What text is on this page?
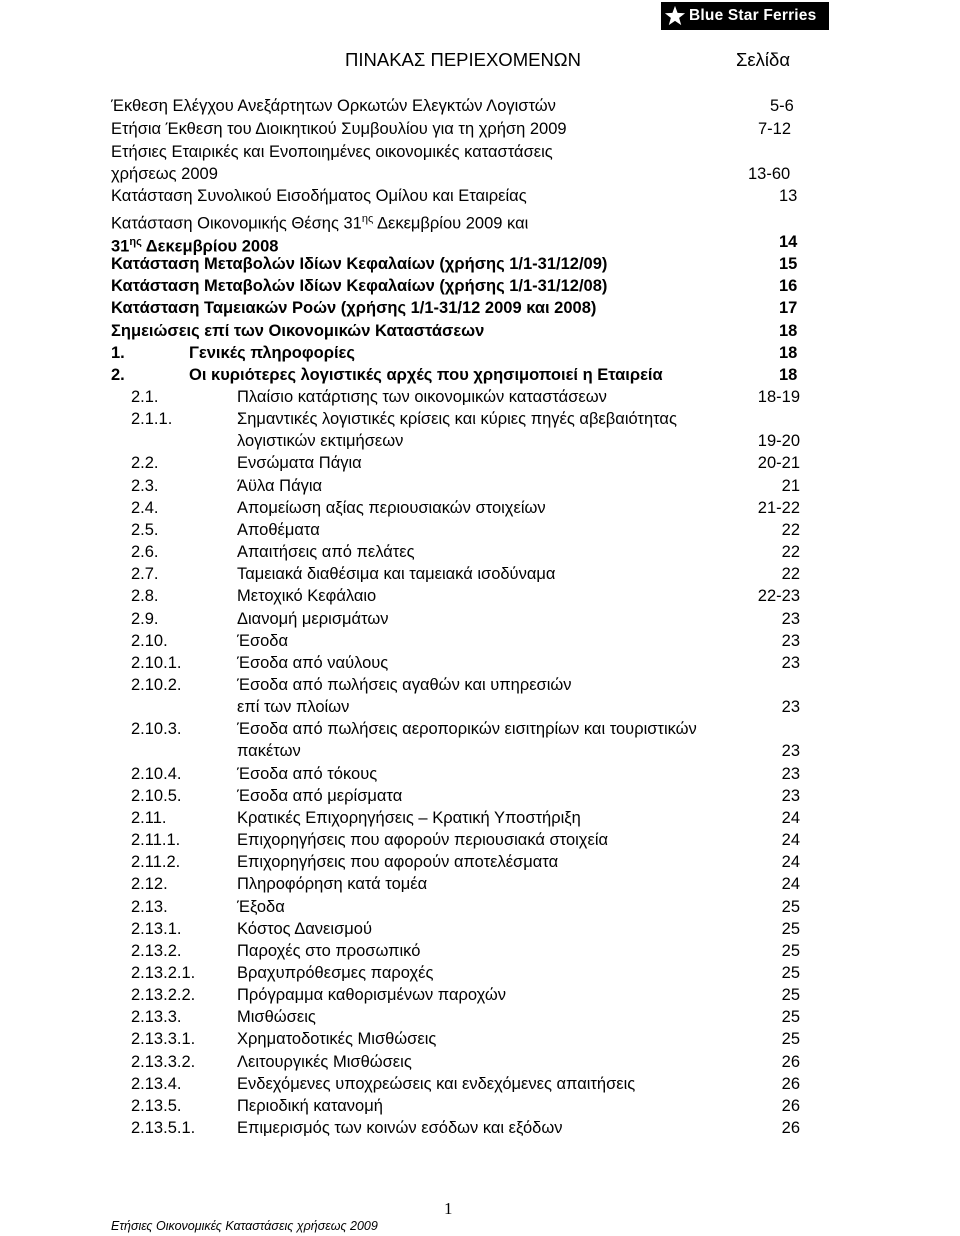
Blue Star Ferries
ΠΙΝΑΚΑΣ ΠΕΡΙΕΧΟΜΕΝΩΝ	Σελίδα
Έκθεση Ελέγχου Ανεξάρτητων Ορκωτών Ελεγκτών Λογιστών	5-6
Ετήσια Έκθεση του Διοικητικού Συμβουλίου για τη χρήση 2009	7-12
Ετήσιες Εταιρικές και Ενοποιημένες οικονομικές καταστάσεις
χρήσεως 2009	13-60
Κατάσταση Συνολικού Εισοδήματος Ομίλου και Εταιρείας	13
Κατάσταση Οικονομικής Θέσης $31^{\eta\varsigma}$ Δεκεμβρίου 2009 και
$31^{\eta\varsigma}$ Δεκεμβρίου 2008	14
Κατάσταση Μεταβολών Ιδίων Κεφαλαίων (χρήσης 1/1-31/12/09)	15
Κατάσταση Μεταβολών Ιδίων Κεφαλαίων (χρήσης 1/1-31/12/08)	16
Κατάσταση Ταμειακών Ροών (χρήσης 1/1-31/12 2009 και 2008)	17
Σημειώσεις επί των Οικονομικών Καταστάσεων	18
1.	Γενικές πληροφορίες	18
2.	Οι κυριότερες λογιστικές αρχές που χρησιμοποιεί η Εταιρεία	18
2.1.	Πλαίσιο κατάρτισης των οικονομικών καταστάσεων	18-19
2.1.1.	Σημαντικές λογιστικές κρίσεις και κύριες πηγές αβεβαιότητας
λογιστικών εκτιμήσεων	19-20
2.2.	Ενσώματα Πάγια	20-21
2.3.	Άϋλα Πάγια	21
2.4.	Απομείωση αξίας περιουσιακών στοιχείων	21-22
2.5.	Αποθέματα	22
2.6.	Απαιτήσεις από πελάτες	22
2.7.	Ταμειακά διαθέσιμα και ταμειακά ισοδύναμα	22
2.8.	Μετοχικό Κεφάλαιο	22-23
2.9.	Διανομή μερισμάτων	23
2.10.	Έσοδα	23
2.10.1.	Έσοδα από ναύλους	23
2.10.2.	Έσοδα από πωλήσεις αγαθών και υπηρεσιών
επί των πλοίων	23
2.10.3.	Έσοδα από πωλήσεις αεροπορικών εισιτηρίων και τουριστικών
πακέτων	23
2.10.4.	Έσοδα από τόκους	23
2.10.5.	Έσοδα από μερίσματα	23
2.11.	Κρατικές Επιχορηγήσεις – Κρατική Υποστήριξη	24
2.11.1.	Επιχορηγήσεις που αφορούν περιουσιακά στοιχεία	24
2.11.2.	Επιχορηγήσεις που αφορούν αποτελέσματα	24
2.12.	Πληροφόρηση κατά τομέα	24
2.13.	Έξοδα	25
2.13.1.	Κόστος Δανεισμού	25
2.13.2.	Παροχές στο προσωπικό	25
2.13.2.1.	Βραχυπρόθεσμες παροχές	25
2.13.2.2.	Πρόγραμμα καθορισμένων παροχών	25
2.13.3.	Μισθώσεις	25
2.13.3.1.	Χρηματοδοτικές Μισθώσεις	25
2.13.3.2.	Λειτουργικές Μισθώσεις	26
2.13.4.	Ενδεχόμενες υποχρεώσεις και ενδεχόμενες απαιτήσεις	26
2.13.5.	Περιοδική κατανομή	26
2.13.5.1.	Επιμερισμός των κοινών εσόδων και εξόδων	26
1
Ετήσιες Οικονομικές Καταστάσεις χρήσεως 2009
